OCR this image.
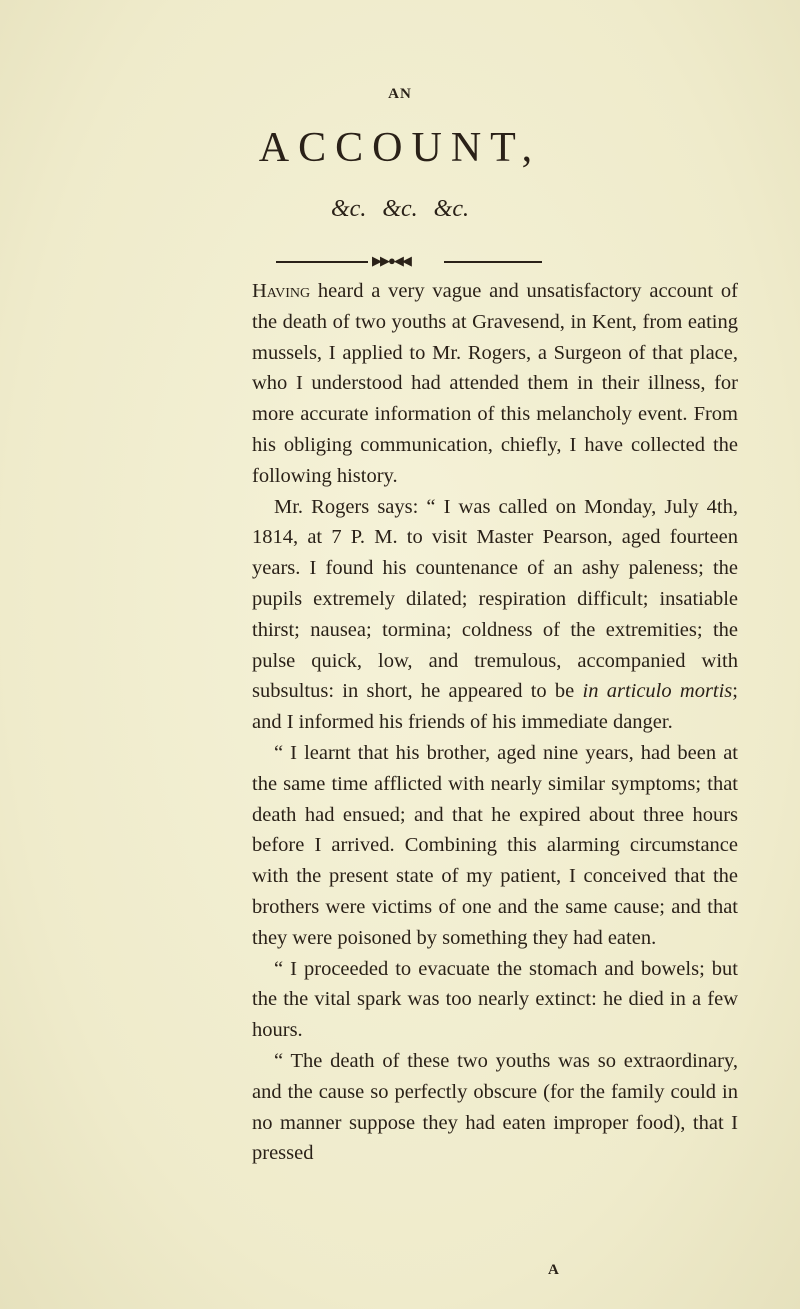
AN
ACCOUNT,
&c. &c. &c.
▶▶●◀◀

Having heard a very vague and unsatisfactory account of the death of two youths at Gravesend, in Kent, from eating mussels, I applied to Mr. Rogers, a Surgeon of that place, who I understood had attended them in their illness, for more accurate information of this melancholy event. From his obliging communication, chiefly, I have collected the following history.

Mr. Rogers says: “ I was called on Monday, July 4th, 1814, at 7 P. M. to visit Master Pearson, aged fourteen years. I found his countenance of an ashy paleness; the pupils extremely dilated; respiration difficult; insatiable thirst; nausea; tormina; coldness of the extremities; the pulse quick, low, and tremulous, accompanied with subsultus: in short, he appeared to be in articulo mortis; and I informed his friends of his immediate danger.

“ I learnt that his brother, aged nine years, had been at the same time afflicted with nearly similar symptoms; that death had ensued; and that he expired about three hours before I arrived. Combining this alarming circumstance with the present state of my patient, I conceived that the brothers were victims of one and the same cause; and that they were poisoned by something they had eaten.

“ I proceeded to evacuate the stomach and bowels; but the the vital spark was too nearly extinct: he died in a few hours.

“ The death of these two youths was so extraordinary, and the cause so perfectly obscure (for the family could in no manner suppose they had eaten improper food), that I pressed

A
